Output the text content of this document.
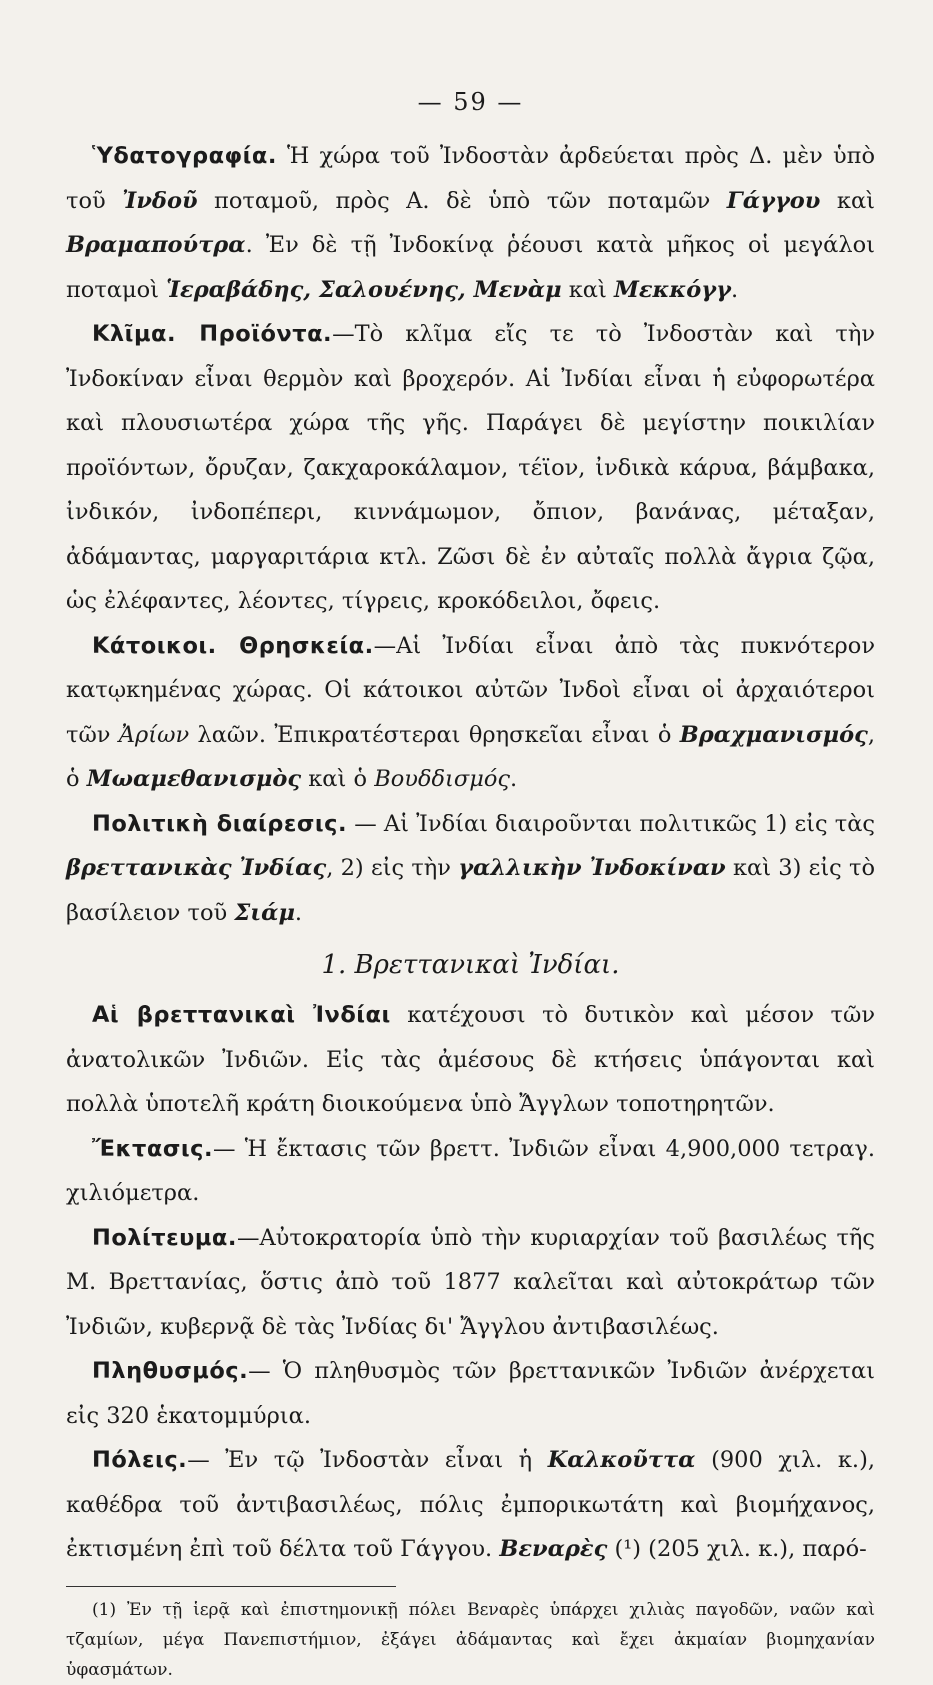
— 59 —

Ὑδατογραφία. Ἡ χώρα τοῦ Ἰνδοστὰν ἀρδεύεται πρὸς Δ. μὲν ὑπὸ τοῦ Ἰνδοῦ ποταμοῦ, πρὸς Α. δὲ ὑπὸ τῶν ποταμῶν Γάγγου καὶ Βραμαπούτρα. Ἐν δὲ τῇ Ἰνδοκίνᾳ ῥέουσι κατὰ μῆκος οἱ μεγάλοι ποταμοὶ Ἱεραβάδης, Σαλουένης, Μενὰμ καὶ Μεκκόγγ.

Κλῖμα. Προϊόντα.—Τὸ κλῖμα εἴς τε τὸ Ἰνδοστὰν καὶ τὴν Ἰνδοκίναν εἶναι θερμὸν καὶ βροχερόν. Αἱ Ἰνδίαι εἶναι ἡ εὐφορωτέρα καὶ πλουσιωτέρα χώρα τῆς γῆς. Παράγει δὲ μεγίστην ποικιλίαν προϊόντων, ὄρυζαν, ζακχαροκάλαμον, τέϊον, ἰνδικὰ κάρυα, βάμβακα, ἰνδικόν, ἰνδοπέπερι, κιννάμωμον, ὄπιον, βανάνας, μέταξαν, ἀδάμαντας, μαργαριτάρια κτλ. Ζῶσι δὲ ἐν αὐταῖς πολλὰ ἄγρια ζῷα, ὡς ἐλέφαντες, λέοντες, τίγρεις, κροκόδειλοι, ὄφεις.

Κάτοικοι. Θρησκεία.—Αἱ Ἰνδίαι εἶναι ἀπὸ τὰς πυκνότερον κατῳκημένας χώρας. Οἱ κάτοικοι αὐτῶν Ἰνδοὶ εἶναι οἱ ἀρχαιότεροι τῶν Ἀρίων λαῶν. Ἐπικρατέστεραι θρησκεῖαι εἶναι ὁ Βραχμανισμός, ὁ Μωαμεθανισμὸς καὶ ὁ Βουδδισμός.

Πολιτικὴ διαίρεσις. — Αἱ Ἰνδίαι διαιροῦνται πολιτικῶς 1) εἰς τὰς βρεττανικὰς Ἰνδίας, 2) εἰς τὴν γαλλικὴν Ἰνδοκίναν καὶ 3) εἰς τὸ βασίλειον τοῦ Σιάμ.

1. Βρεττανικαὶ Ἰνδίαι.

Αἱ βρεττανικαὶ Ἰνδίαι κατέχουσι τὸ δυτικὸν καὶ μέσον τῶν ἀνατολικῶν Ἰνδιῶν. Εἰς τὰς ἀμέσους δὲ κτήσεις ὑπάγονται καὶ πολλὰ ὑποτελῆ κράτη διοικούμενα ὑπὸ Ἄγγλων τοποτηρητῶν.

Ἔκτασις.— Ἡ ἔκτασις τῶν βρεττ. Ἰνδιῶν εἶναι 4,900,000 τετραγ. χιλιόμετρα.

Πολίτευμα.—Αὐτοκρατορία ὑπὸ τὴν κυριαρχίαν τοῦ βασιλέως τῆς Μ. Βρεττανίας, ὅστις ἀπὸ τοῦ 1877 καλεῖται καὶ αὐτοκράτωρ τῶν Ἰνδιῶν, κυβερνᾷ δὲ τὰς Ἰνδίας δι' Ἄγγλου ἀντιβασιλέως.

Πληθυσμός.— Ὁ πληθυσμὸς τῶν βρεττανικῶν Ἰνδιῶν ἀνέρχεται εἰς 320 ἑκατομμύρια.

Πόλεις.— Ἐν τῷ Ἰνδοστὰν εἶναι ἡ Καλκοῦττα (900 χιλ. κ.), καθέδρα τοῦ ἀντιβασιλέως, πόλις ἐμπορικωτάτη καὶ βιομήχανος, ἐκτισμένη ἐπὶ τοῦ δέλτα τοῦ Γάγγου. Βεναρὲς (¹) (205 χιλ. κ.), παρό-

(1) Ἐν τῇ ἱερᾷ καὶ ἐπιστημονικῇ πόλει Βεναρὲς ὑπάρχει χιλιὰς παγοδῶν, ναῶν καὶ τζαμίων, μέγα Πανεπιστήμιον, ἐξάγει ἀδάμαντας καὶ ἔχει ἀκμαίαν βιομηχανίαν ὑφασμάτων.
